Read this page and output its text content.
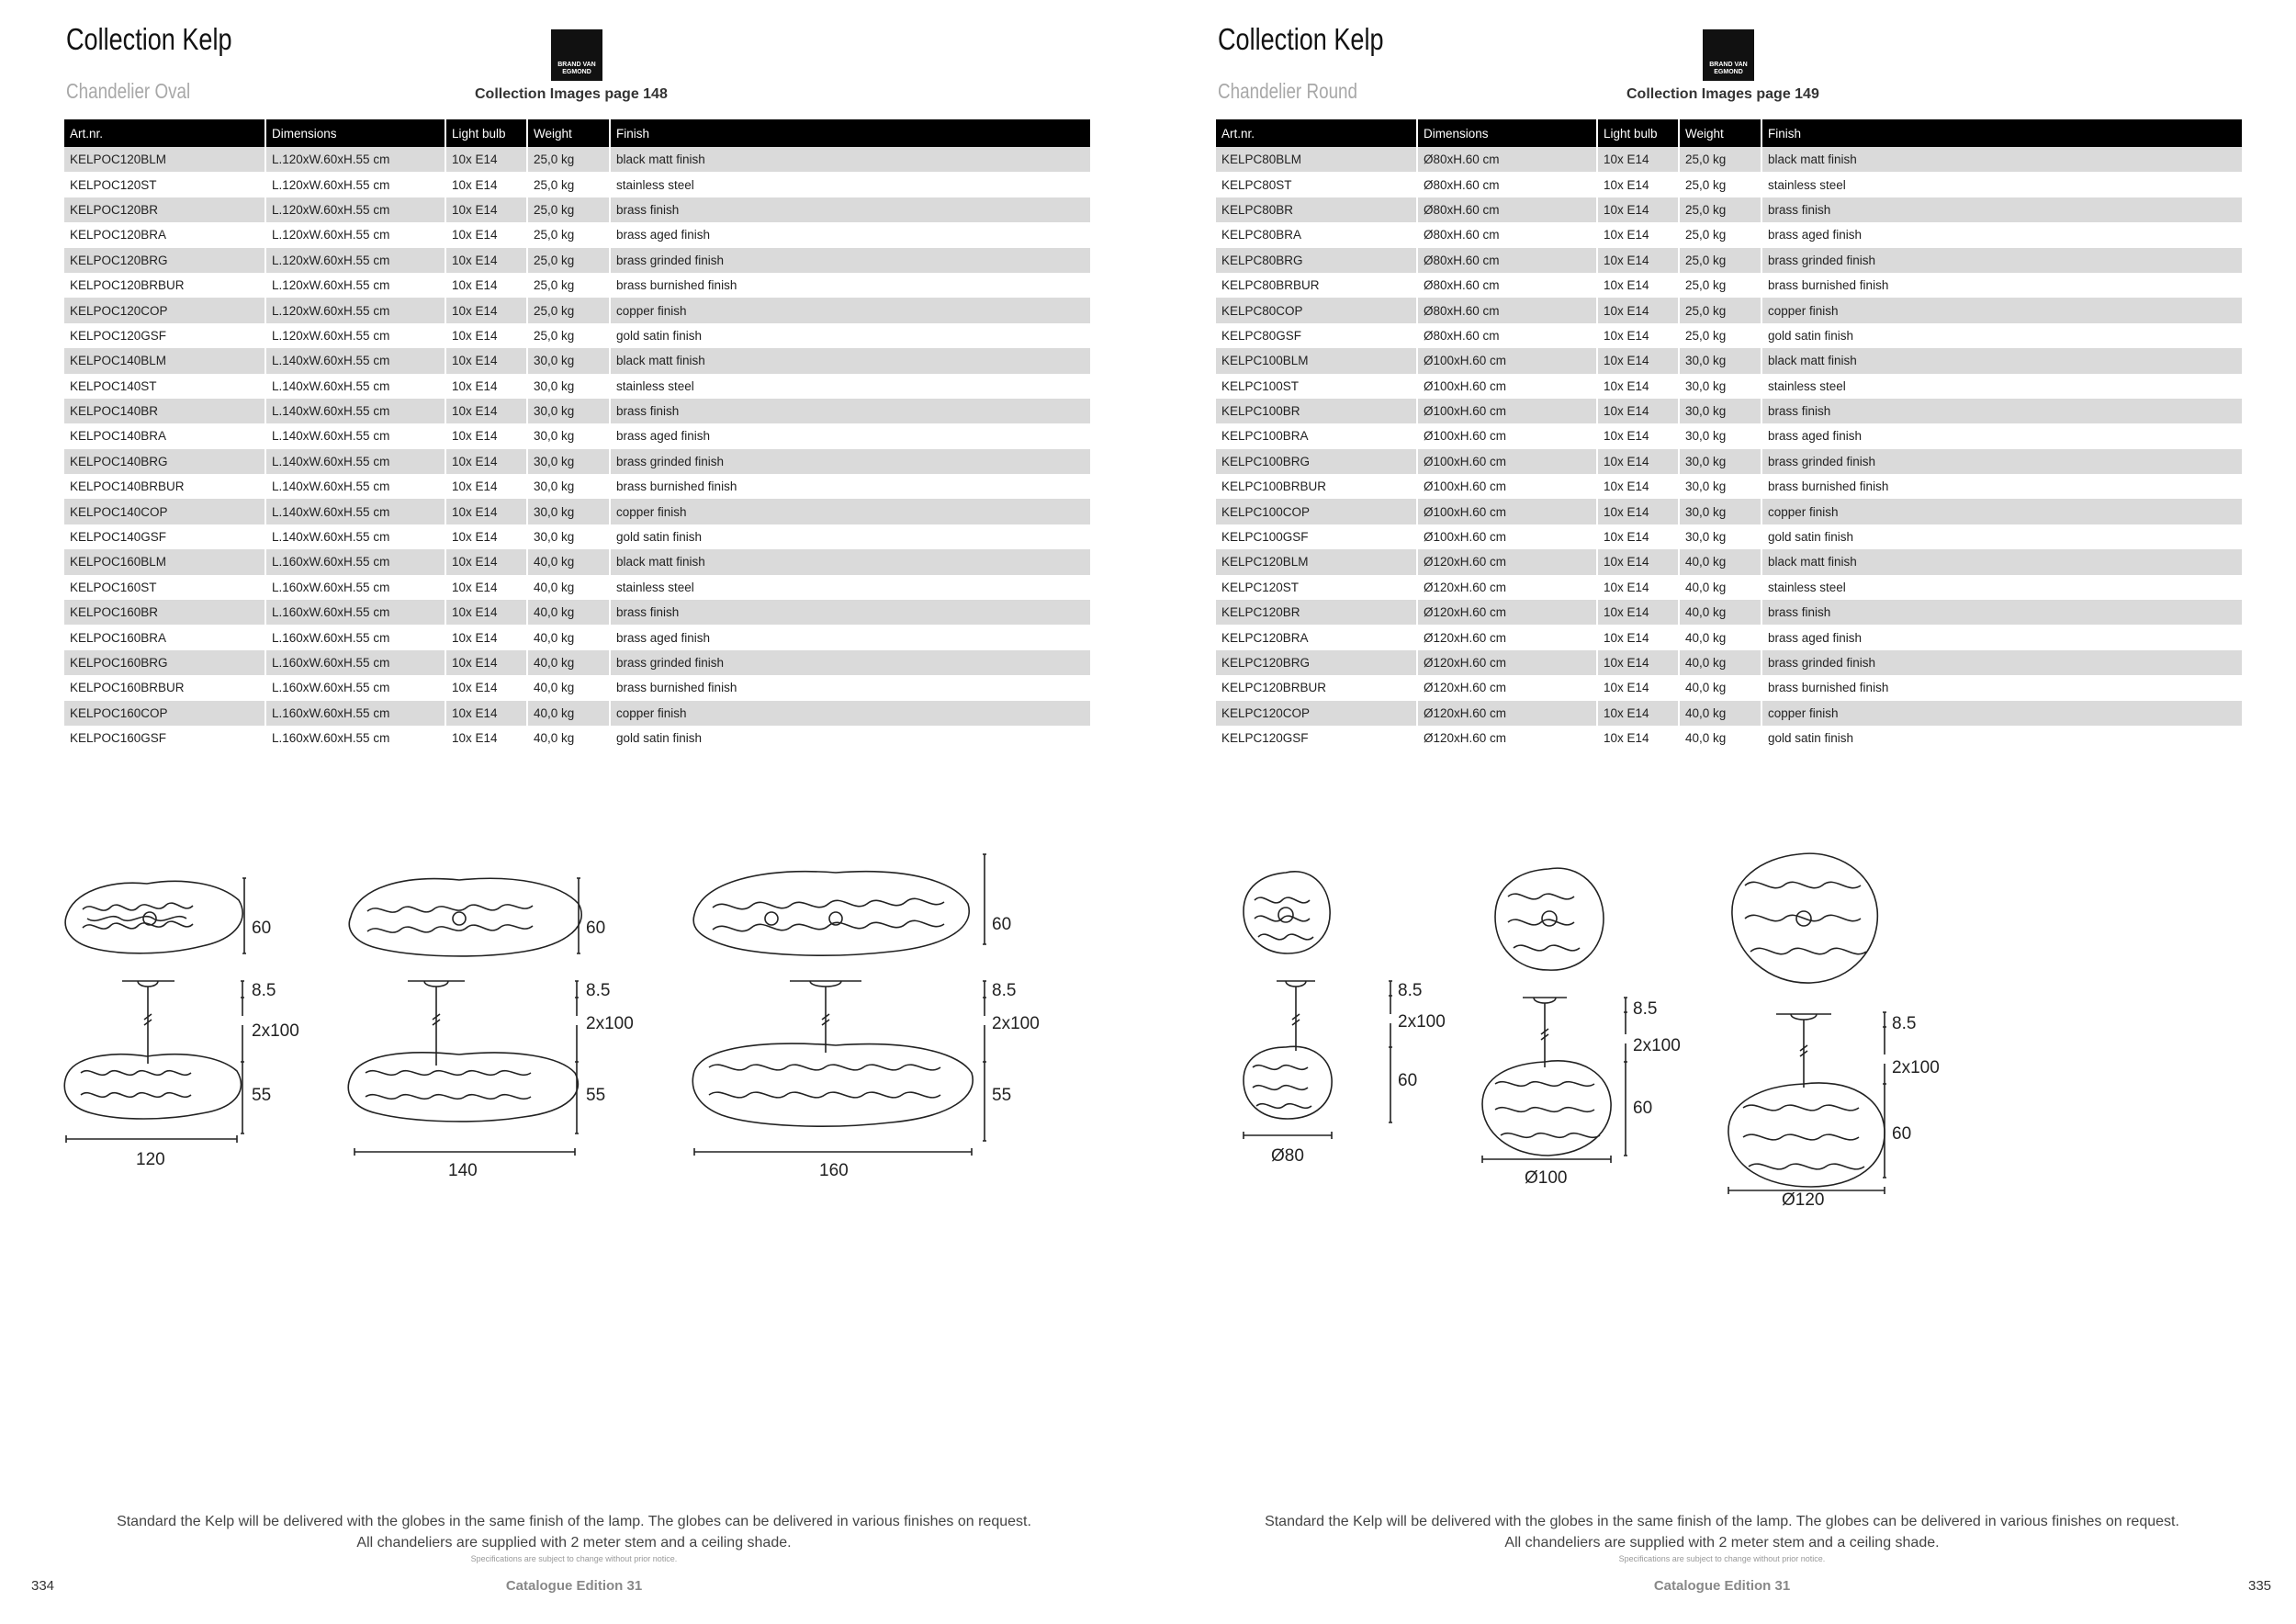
Collection Kelp
Chandelier Oval
BRAND VAN EGMOND
Collection Images page 148
Art.nr.	Dimensions	Light bulb	Weight	Finish
KELPOC120BLM	L.120xW.60xH.55 cm	10x E14	25,0 kg	black matt finish
KELPOC120ST	L.120xW.60xH.55 cm	10x E14	25,0 kg	stainless steel
KELPOC120BR	L.120xW.60xH.55 cm	10x E14	25,0 kg	brass finish
KELPOC120BRA	L.120xW.60xH.55 cm	10x E14	25,0 kg	brass aged finish
KELPOC120BRG	L.120xW.60xH.55 cm	10x E14	25,0 kg	brass grinded finish
KELPOC120BRBUR	L.120xW.60xH.55 cm	10x E14	25,0 kg	brass burnished finish
KELPOC120COP	L.120xW.60xH.55 cm	10x E14	25,0 kg	copper finish
KELPOC120GSF	L.120xW.60xH.55 cm	10x E14	25,0 kg	gold satin finish
KELPOC140BLM	L.140xW.60xH.55 cm	10x E14	30,0 kg	black matt finish
KELPOC140ST	L.140xW.60xH.55 cm	10x E14	30,0 kg	stainless steel
KELPOC140BR	L.140xW.60xH.55 cm	10x E14	30,0 kg	brass finish
KELPOC140BRA	L.140xW.60xH.55 cm	10x E14	30,0 kg	brass aged finish
KELPOC140BRG	L.140xW.60xH.55 cm	10x E14	30,0 kg	brass grinded finish
KELPOC140BRBUR	L.140xW.60xH.55 cm	10x E14	30,0 kg	brass burnished finish
KELPOC140COP	L.140xW.60xH.55 cm	10x E14	30,0 kg	copper finish
KELPOC140GSF	L.140xW.60xH.55 cm	10x E14	30,0 kg	gold satin finish
KELPOC160BLM	L.160xW.60xH.55 cm	10x E14	40,0 kg	black matt finish
KELPOC160ST	L.160xW.60xH.55 cm	10x E14	40,0 kg	stainless steel
KELPOC160BR	L.160xW.60xH.55 cm	10x E14	40,0 kg	brass finish
KELPOC160BRA	L.160xW.60xH.55 cm	10x E14	40,0 kg	brass aged finish
KELPOC160BRG	L.160xW.60xH.55 cm	10x E14	40,0 kg	brass grinded finish
KELPOC160BRBUR	L.160xW.60xH.55 cm	10x E14	40,0 kg	brass burnished finish
KELPOC160COP	L.160xW.60xH.55 cm	10x E14	40,0 kg	copper finish
KELPOC160GSF	L.160xW.60xH.55 cm	10x E14	40,0 kg	gold satin finish
60	60	60
8.5	8.5	8.5
2x100	2x100	2x100
55	55	55
120
140	160
Standard the Kelp will be delivered with the globes in the same finish of the lamp. The globes can be delivered in various finishes on request.
All chandeliers are supplied with 2 meter stem and a ceiling shade.
Specifications are subject to change without prior notice.
Catalogue Edition 31
334
Collection Kelp
Chandelier Round
BRAND VAN EGMOND
Collection Images page 149
Art.nr.	Dimensions	Light bulb	Weight	Finish
KELPC80BLM	Ø80xH.60 cm	10x E14	25,0 kg	black matt finish
KELPC80ST	Ø80xH.60 cm	10x E14	25,0 kg	stainless steel
KELPC80BR	Ø80xH.60 cm	10x E14	25,0 kg	brass finish
KELPC80BRA	Ø80xH.60 cm	10x E14	25,0 kg	brass aged finish
KELPC80BRG	Ø80xH.60 cm	10x E14	25,0 kg	brass grinded finish
KELPC80BRBUR	Ø80xH.60 cm	10x E14	25,0 kg	brass burnished finish
KELPC80COP	Ø80xH.60 cm	10x E14	25,0 kg	copper finish
KELPC80GSF	Ø80xH.60 cm	10x E14	25,0 kg	gold satin finish
KELPC100BLM	Ø100xH.60 cm	10x E14	30,0 kg	black matt finish
KELPC100ST	Ø100xH.60 cm	10x E14	30,0 kg	stainless steel
KELPC100BR	Ø100xH.60 cm	10x E14	30,0 kg	brass finish
KELPC100BRA	Ø100xH.60 cm	10x E14	30,0 kg	brass aged finish
KELPC100BRG	Ø100xH.60 cm	10x E14	30,0 kg	brass grinded finish
KELPC100BRBUR	Ø100xH.60 cm	10x E14	30,0 kg	brass burnished finish
KELPC100COP	Ø100xH.60 cm	10x E14	30,0 kg	copper finish
KELPC100GSF	Ø100xH.60 cm	10x E14	30,0 kg	gold satin finish
KELPC120BLM	Ø120xH.60 cm	10x E14	40,0 kg	black matt finish
KELPC120ST	Ø120xH.60 cm	10x E14	40,0 kg	stainless steel
KELPC120BR	Ø120xH.60 cm	10x E14	40,0 kg	brass finish
KELPC120BRA	Ø120xH.60 cm	10x E14	40,0 kg	brass aged finish
KELPC120BRG	Ø120xH.60 cm	10x E14	40,0 kg	brass grinded finish
KELPC120BRBUR	Ø120xH.60 cm	10x E14	40,0 kg	brass burnished finish
KELPC120COP	Ø120xH.60 cm	10x E14	40,0 kg	copper finish
KELPC120GSF	Ø120xH.60 cm	10x E14	40,0 kg	gold satin finish
8.5
8.5
8.5
2x100
2x100
2x100
60
60
60
Ø80
Ø100
Ø120
Standard the Kelp will be delivered with the globes in the same finish of the lamp. The globes can be delivered in various finishes on request.
All chandeliers are supplied with 2 meter stem and a ceiling shade.
Specifications are subject to change without prior notice.
Catalogue Edition 31	335
